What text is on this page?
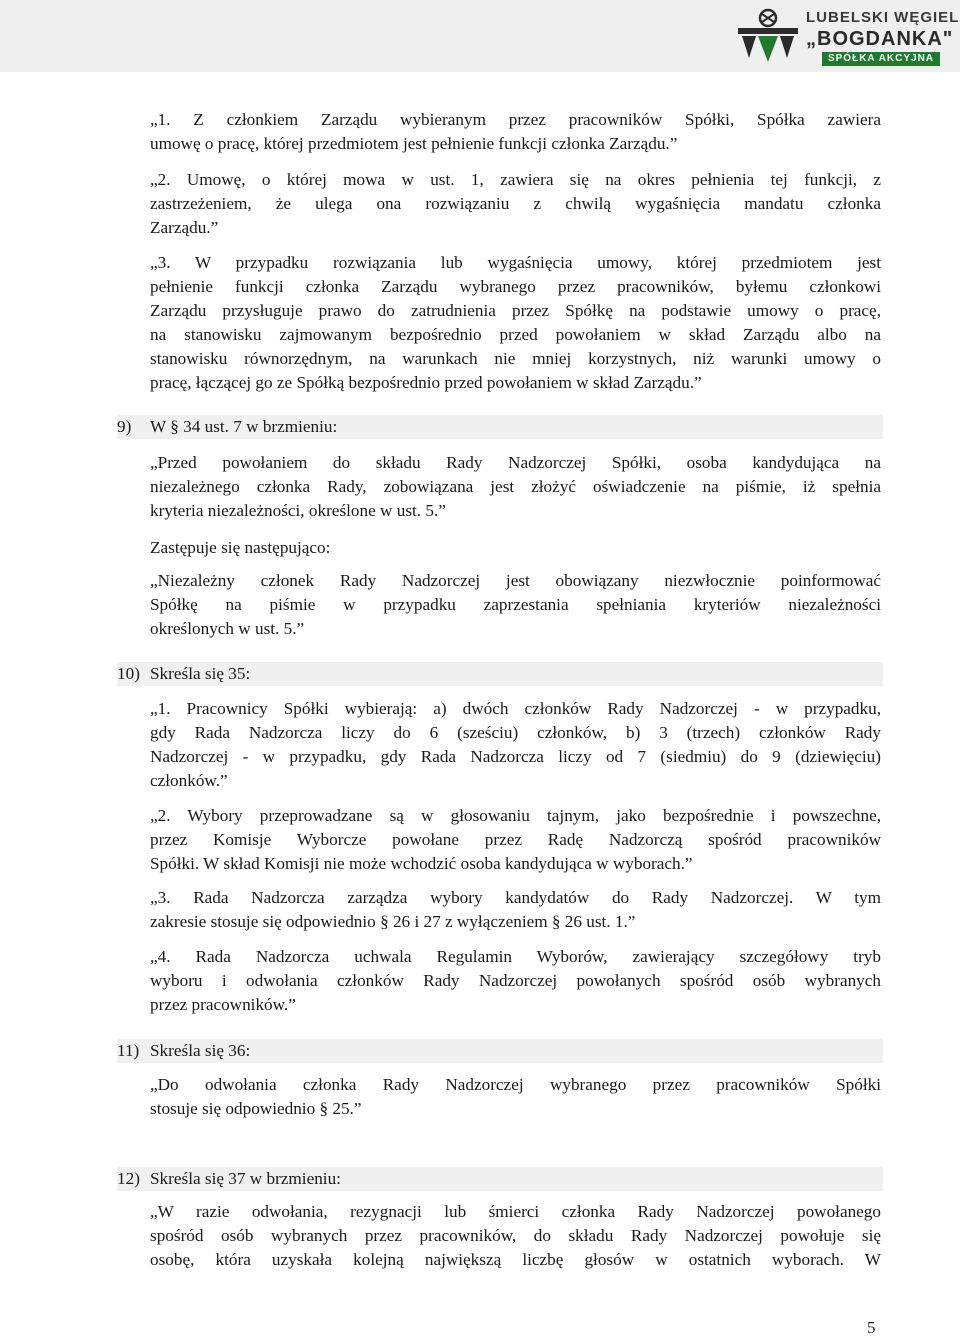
LUBELSKI WĘGIEL
„BOGDANKA"
SPÓŁKA AKCYJNA
„1. Z członkiem Zarządu wybieranym przez pracowników Spółki, Spółka zawiera
umowę o pracę, której przedmiotem jest pełnienie funkcji członka Zarządu.”
„2. Umowę, o której mowa w ust. 1, zawiera się na okres pełnienia tej funkcji, z
zastrzeżeniem, że ulega ona rozwiązaniu z chwilą wygaśnięcia mandatu członka
Zarządu.”
„3. W przypadku rozwiązania lub wygaśnięcia umowy, której przedmiotem jest
pełnienie funkcji członka Zarządu wybranego przez pracowników, byłemu członkowi
Zarządu przysługuje prawo do zatrudnienia przez Spółkę na podstawie umowy o pracę,
na stanowisku zajmowanym bezpośrednio przed powołaniem w skład Zarządu albo na
stanowisku równorzędnym, na warunkach nie mniej korzystnych, niż warunki umowy o
pracę, łączącej go ze Spółką bezpośrednio przed powołaniem w skład Zarządu.”
9) W § 34 ust. 7 w brzmieniu:
„Przed powołaniem do składu Rady Nadzorczej Spółki, osoba kandydująca na
niezależnego członka Rady, zobowiązana jest złożyć oświadczenie na piśmie, iż spełnia
kryteria niezależności, określone w ust. 5.”
Zastępuje się następująco:
„Niezależny członek Rady Nadzorczej jest obowiązany niezwłocznie poinformować
Spółkę na piśmie w przypadku zaprzestania spełniania kryteriów niezależności
określonych w ust. 5.”
10) Skreśla się 35:
„1. Pracownicy Spółki wybierają: a) dwóch członków Rady Nadzorczej - w przypadku,
gdy Rada Nadzorcza liczy do 6 (sześciu) członków, b) 3 (trzech) członków Rady
Nadzorczej - w przypadku, gdy Rada Nadzorcza liczy od 7 (siedmiu) do 9 (dziewięciu)
członków.”
„2. Wybory przeprowadzane są w głosowaniu tajnym, jako bezpośrednie i powszechne,
przez Komisje Wyborcze powołane przez Radę Nadzorczą spośród pracowników
Spółki. W skład Komisji nie może wchodzić osoba kandydująca w wyborach.”
„3. Rada Nadzorcza zarządza wybory kandydatów do Rady Nadzorczej. W tym
zakresie stosuje się odpowiednio § 26 i 27 z wyłączeniem § 26 ust. 1.”
„4. Rada Nadzorcza uchwala Regulamin Wyborów, zawierający szczegółowy tryb
wyboru i odwołania członków Rady Nadzorczej powołanych spośród osób wybranych
przez pracowników.”
11) Skreśla się 36:
„Do odwołania członka Rady Nadzorczej wybranego przez pracowników Spółki
stosuje się odpowiednio § 25.”
12) Skreśla się 37 w brzmieniu:
„W razie odwołania, rezygnacji lub śmierci członka Rady Nadzorczej powołanego
spośród osób wybranych przez pracowników, do składu Rady Nadzorczej powołuje się
osobę, która uzyskała kolejną największą liczbę głosów w ostatnich wyborach. W
5
